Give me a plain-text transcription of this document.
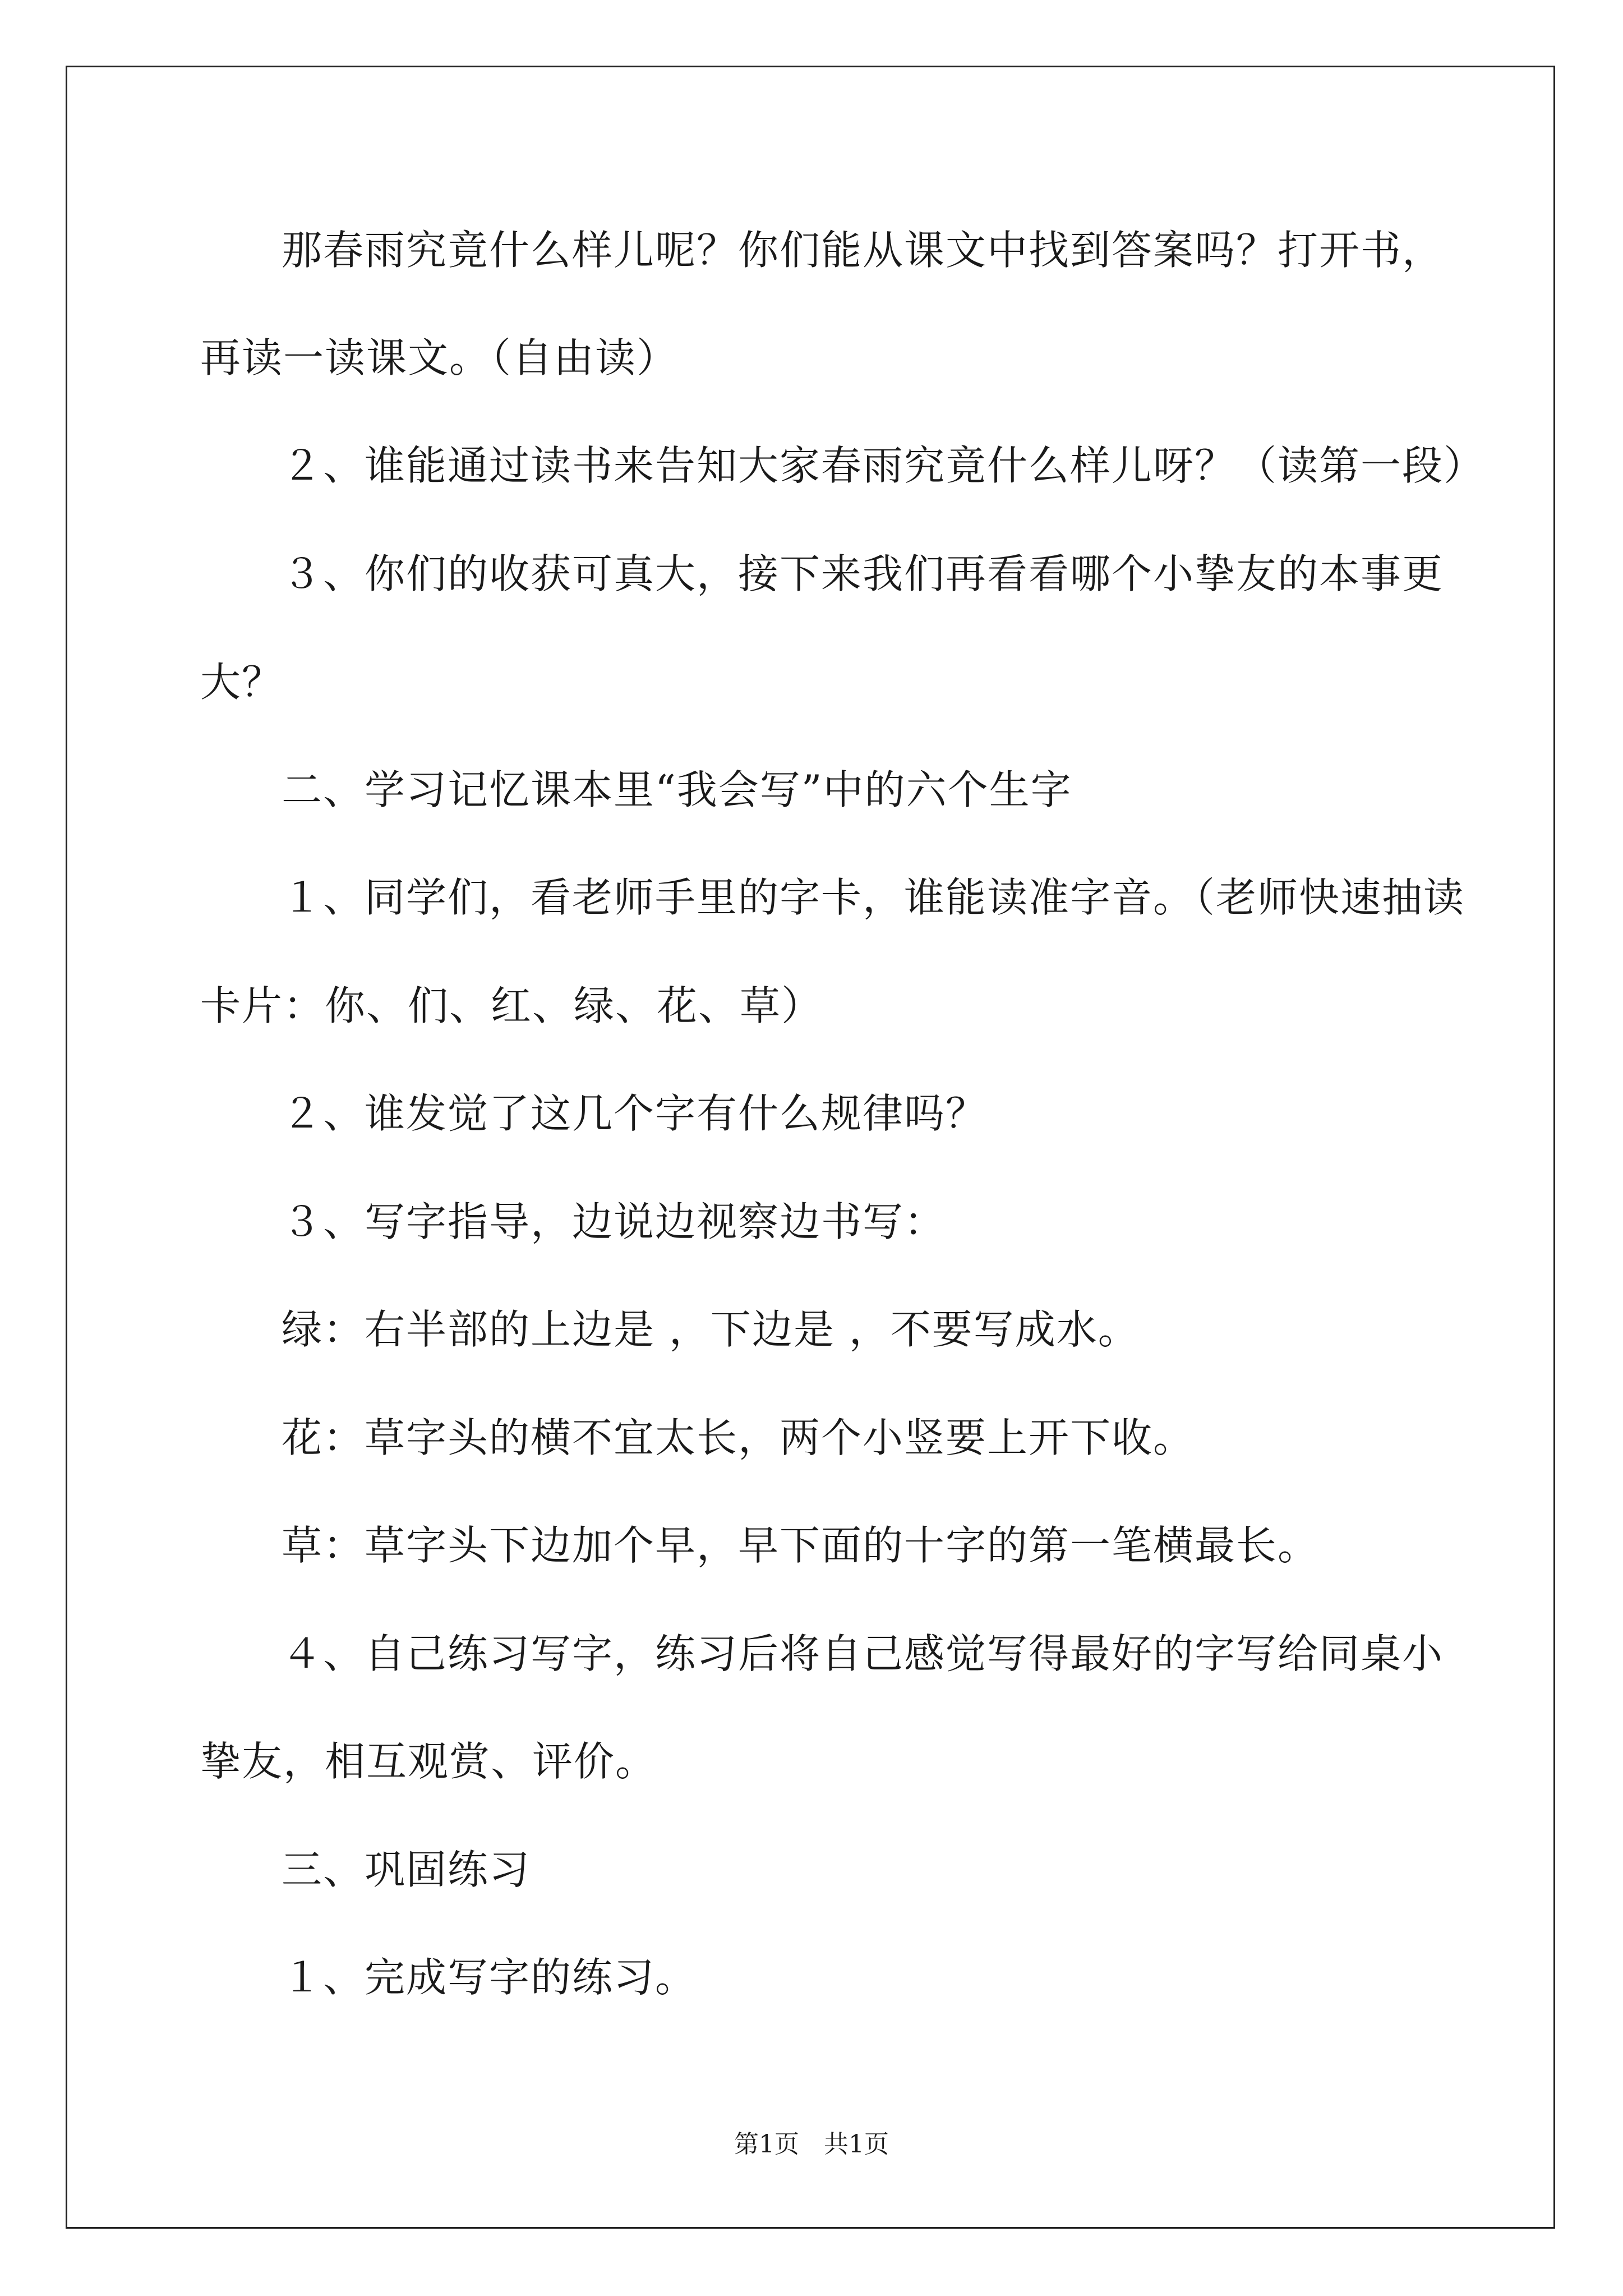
那春雨究竟什么样儿呢？你们能从课文中找到答案吗？打开书，
再读一读课文。（自由读）
２、谁能通过读书来告知大家春雨究竟什么样儿呀？（读第一段）
３、你们的收获可真大，接下来我们再看看哪个小挚友的本事更
大？
二、学习记忆课本里“我会写”中的六个生字
１、同学们，看老师手里的字卡，谁能读准字音。（老师快速抽读
卡片：你、们、红、绿、花、草）
２、谁发觉了这几个字有什么规律吗？
３、写字指导，边说边视察边书写：
绿：右半部的上边是 ，下边是 ，不要写成水。
花：草字头的横不宜太长，两个小竖要上开下收。
草：草字头下边加个早，早下面的十字的第一笔横最长。
４、自己练习写字，练习后将自己感觉写得最好的字写给同桌小
挚友，相互观赏、评价。
三、巩固练习
１、完成写字的练习。
第1页　共1页
